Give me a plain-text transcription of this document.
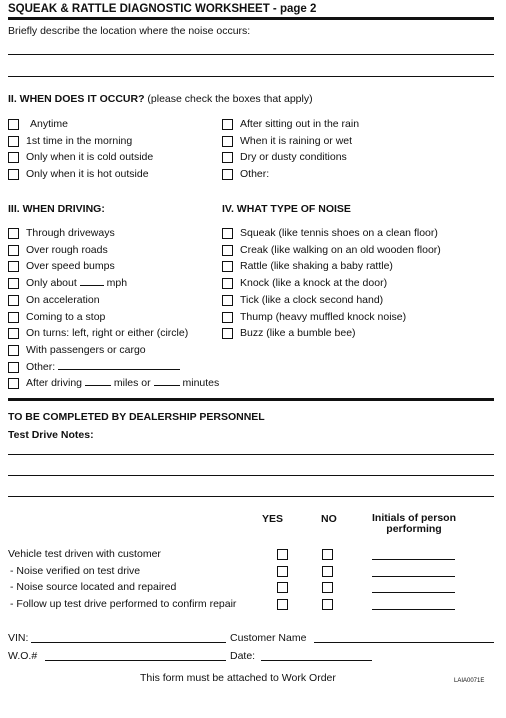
SQUEAK & RATTLE DIAGNOSTIC WORKSHEET - page 2
Briefly describe the location where the noise occurs:
II. WHEN DOES IT OCCUR? (please check the boxes that apply)
Anytime
1st time in the morning
Only when it is cold outside
Only when it is hot outside
After sitting out in the rain
When it is raining or wet
Dry or dusty conditions
Other:
III. WHEN DRIVING:	IV. WHAT TYPE OF NOISE
Through driveways
Over rough roads
Over speed bumps
Only about	mph
On acceleration
Coming to a stop
On turns: left, right or either (circle)
With passengers or cargo
Other:
After driving	miles or	minutes
Squeak (like tennis shoes on a clean floor)
Creak (like walking on an old wooden floor)
Rattle (like shaking a baby rattle)
Knock (like a knock at the door)
Tick (like a clock second hand)
Thump (heavy muffled knock noise)
Buzz (like a bumble bee)
TO BE COMPLETED BY DEALERSHIP PERSONNEL
Test Drive Notes:
YES	NO	Initials of person performing
Vehicle test driven with customer
- Noise verified on test drive
- Noise source located and repaired
- Follow up test drive performed to confirm repair
VIN:	Customer Name
W.O.#	Date:
This form must be attached to Work Order	LAIA0071E
